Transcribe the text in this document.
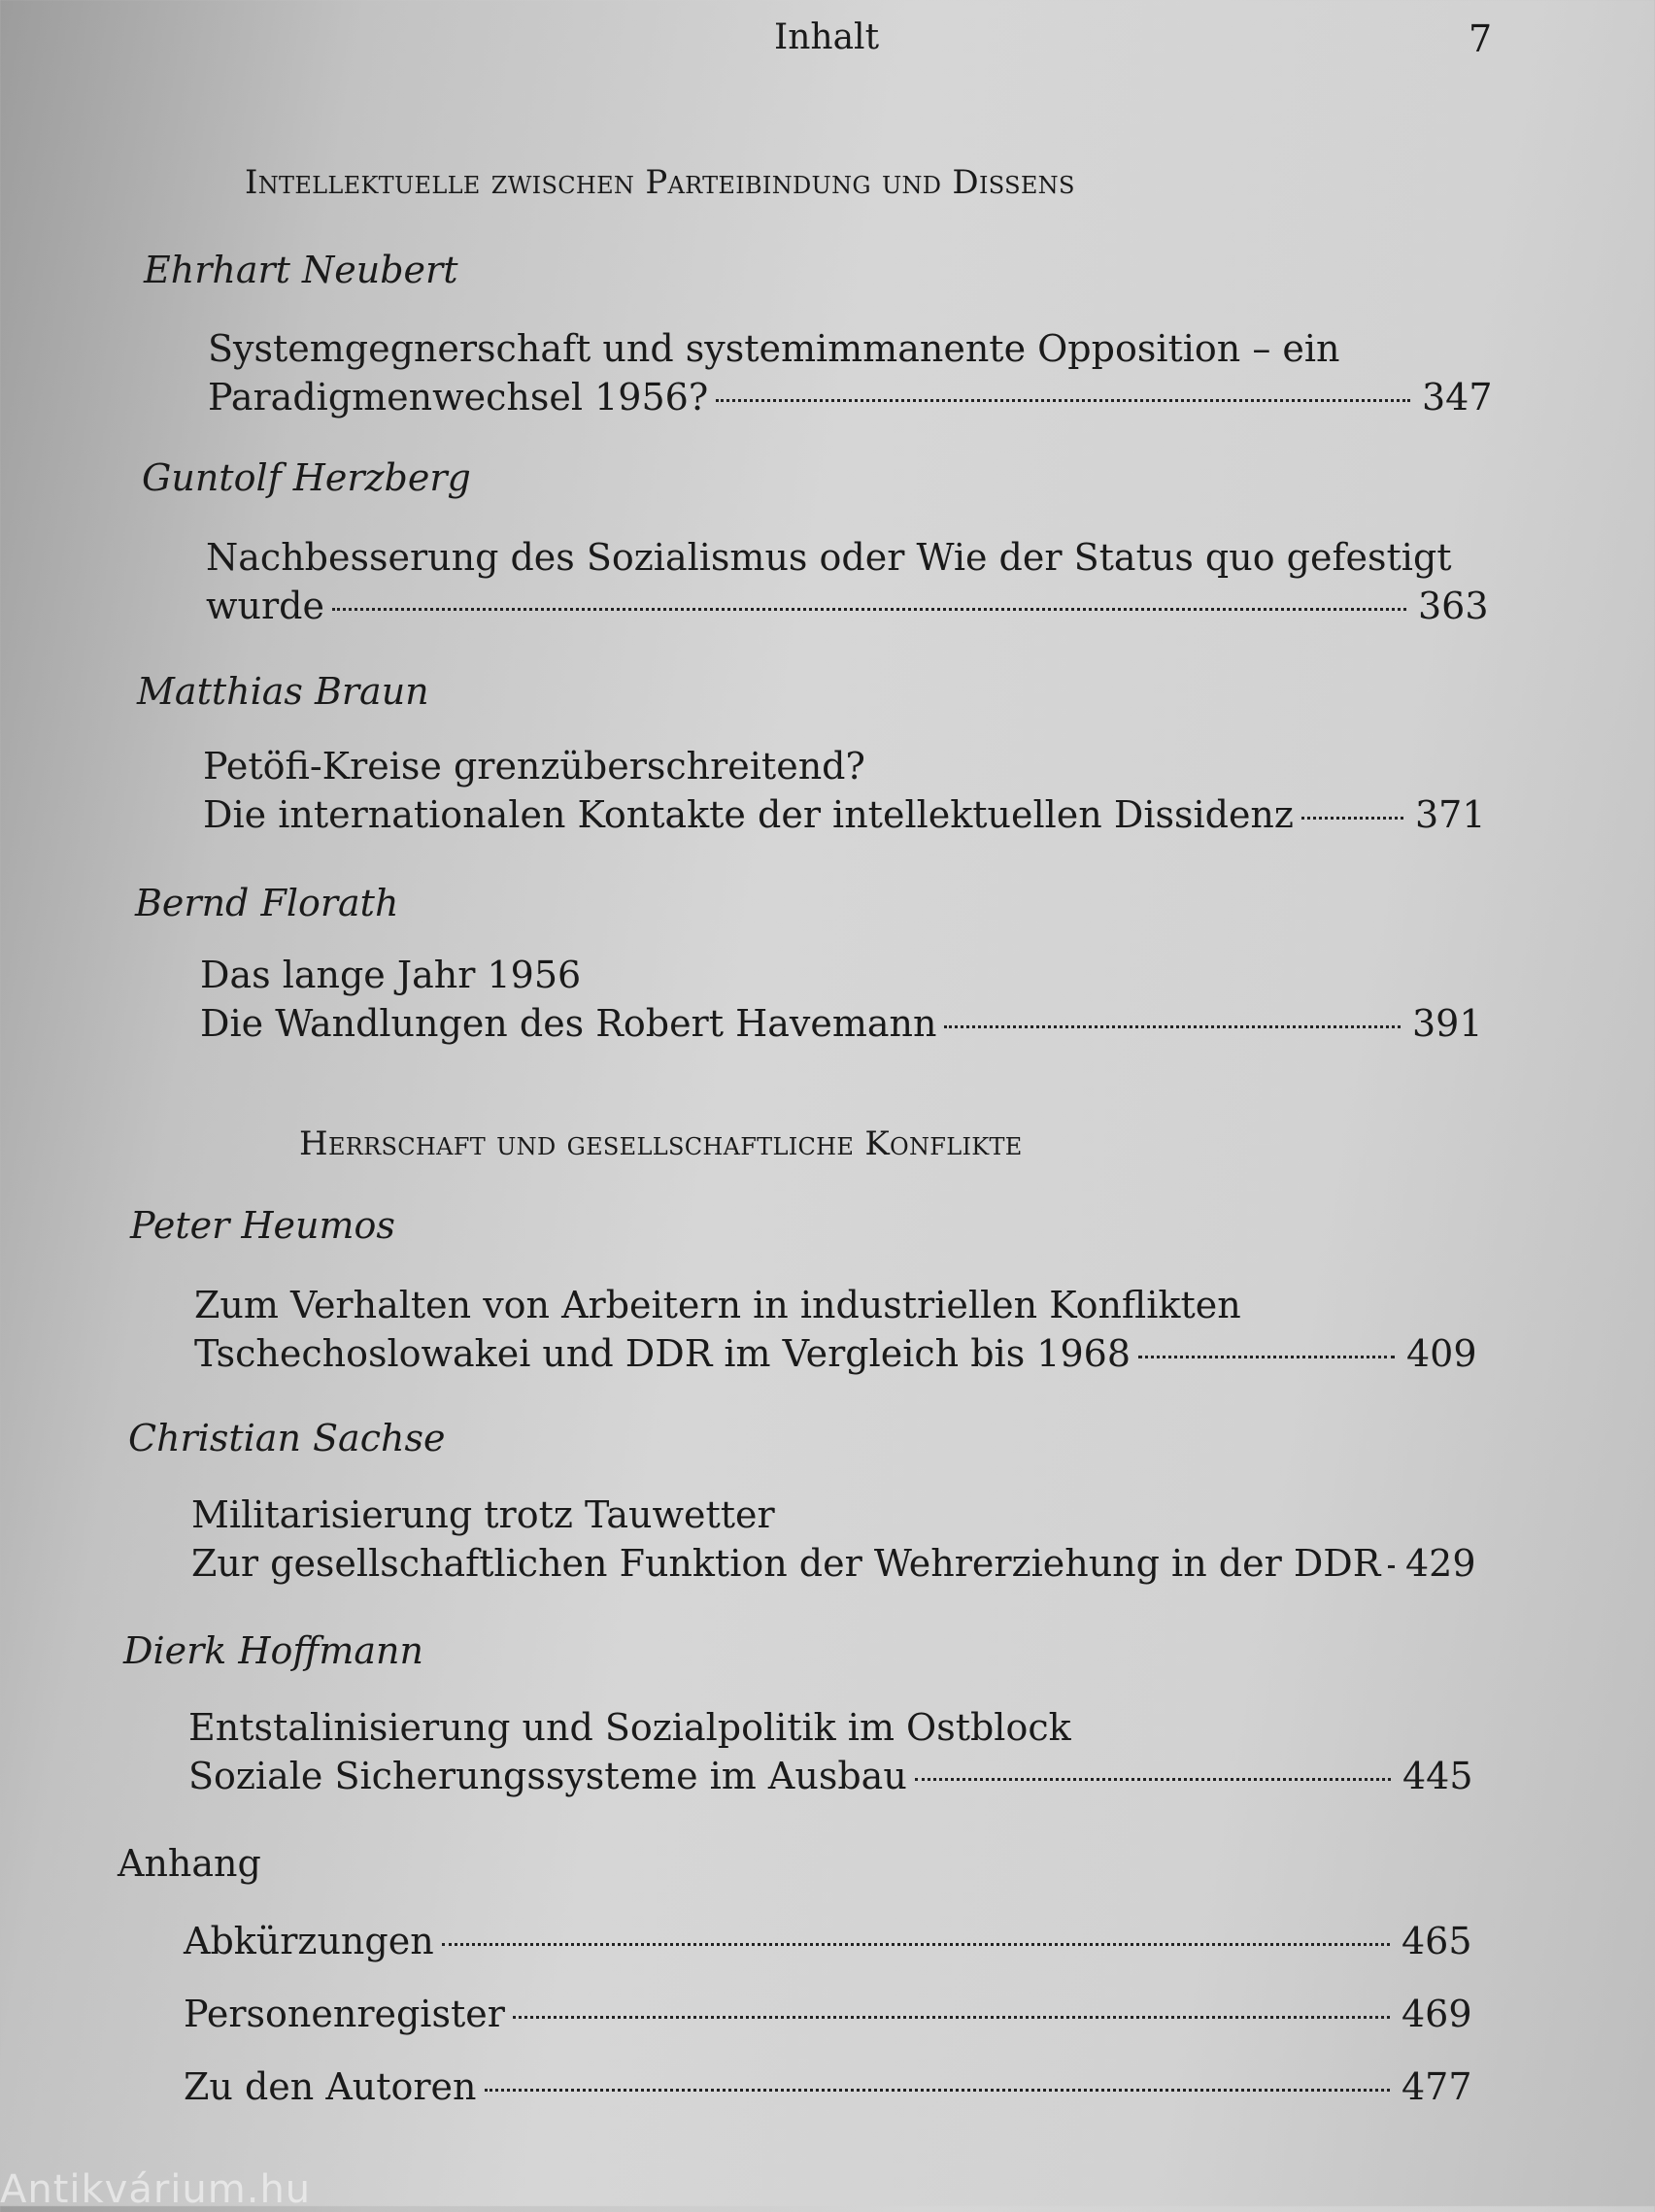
Inhalt	7
Intellektuelle zwischen Parteibindung und Dissens
Ehrhart Neubert
Systemgegnerschaft und systemimmanente Opposition – ein
Paradigmenwechsel 1956?	347
Guntolf Herzberg
Nachbesserung des Sozialismus oder Wie der Status quo gefestigt
wurde	363
Matthias Braun
Petöfi-Kreise grenzüberschreitend?
Die internationalen Kontakte der intellektuellen Dissidenz	371
Bernd Florath
Das lange Jahr 1956
Die Wandlungen des Robert Havemann	391
Herrschaft und gesellschaftliche Konflikte
Peter Heumos
Zum Verhalten von Arbeitern in industriellen Konflikten
Tschechoslowakei und DDR im Vergleich bis 1968	409
Christian Sachse
Militarisierung trotz Tauwetter
Zur gesellschaftlichen Funktion der Wehrerziehung in der DDR 429
Dierk Hoffmann
Entstalinisierung und Sozialpolitik im Ostblock
Soziale Sicherungssysteme im Ausbau	445
Anhang
Abkürzungen	465
Personenregister	469
Zu den Autoren	477
Antikvárium.hu
